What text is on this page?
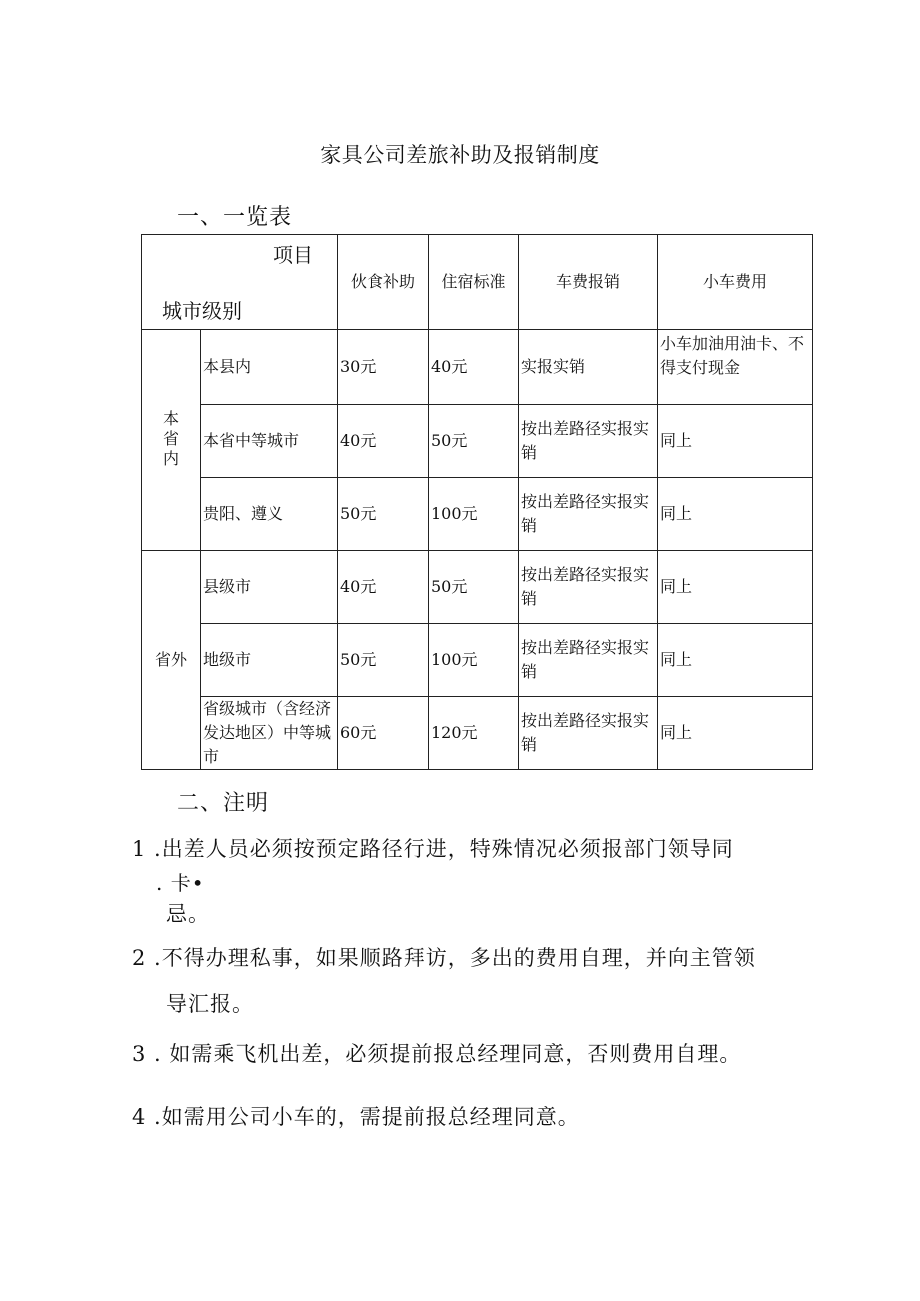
家具公司差旅补助及报销制度
一、一览表
项目
城市级别		伙食补助	住宿标准	车费报销	小车费用
本省内	本县内	30元	40元	实报实销	小车加油用油卡、不得支付现金
	本省中等城市	40元	50元	按出差路径实报实销	同上
	贵阳、遵义	50元	100元	按出差路径实报实销	同上
省外	县级市	40元	50元	按出差路径实报实销	同上
	地级市	50元	100元	按出差路径实报实销	同上
	省级城市（含经济发达地区）中等城市	60元	120元	按出差路径实报实销	同上
二、注明
1 .出差人员必须按预定路径行进，特殊情况必须报部门领导同
. 卡•
忌。
2 .不得办理私事，如果顺路拜访，多出的费用自理，并向主管领
导汇报。
3 . 如需乘飞机出差，必须提前报总经理同意，否则费用自理。
4 .如需用公司小车的，需提前报总经理同意。
